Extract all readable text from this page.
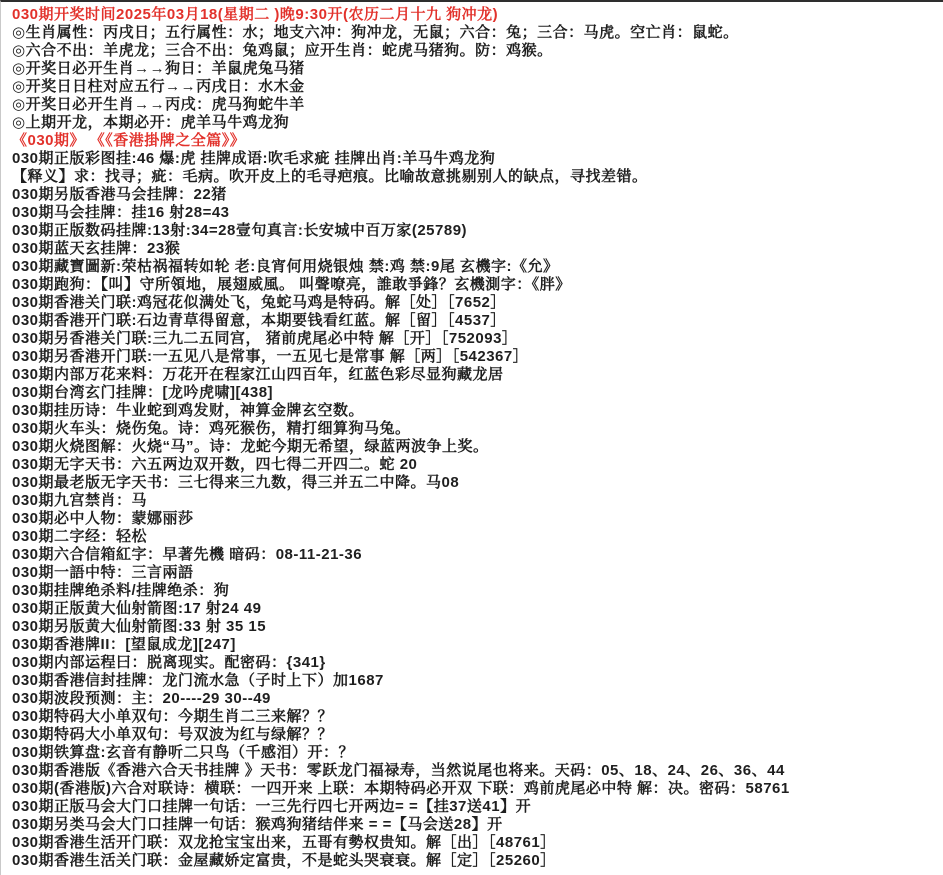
030期开奖时间2025年03月18(星期二 )晚9:30开(农历二月十九 狗冲龙)
◎生肖属性：丙戌日；五行属性：水；地支六冲：狗冲龙，无鼠；六合：兔；三合：马虎。空亡肖：鼠蛇。
◎六合不出：羊虎龙；三合不出：兔鸡鼠；应开生肖：蛇虎马猪狗。防：鸡猴。
◎开奖日必开生肖→→狗日：羊鼠虎兔马猪
◎开奖日日柱对应五行→→丙戌日：水木金
◎开奖日必开生肖→→丙戌：虎马狗蛇牛羊
◎上期开龙，本期必开：虎羊马牛鸡龙狗
《030期》 《《香港掛牌之全篇》》
030期正版彩图挂:46 爆:虎 挂牌成语:吹毛求疵 挂牌出肖:羊马牛鸡龙狗
【释义】求：找寻；疵：毛病。吹开皮上的毛寻疤痕。比喻故意挑剔别人的缺点，寻找差错。
030期另版香港马会挂牌：22猪
030期马会挂牌：挂16 射28=43
030期正版数码挂牌:13射:34=28壹句真言:长安城中百万家(25789)
030期蓝天玄挂牌：23猴
030期藏寶圖新:荣枯祸福转如轮 老:良宵何用烧银烛 禁:鸡 禁:9尾 玄機字:《允》
030期跑狗：【叫】守所領地，展翅威風。 叫聲嘹亮，誰敢爭鋒？玄機測字：《胖》
030期香港关门联:鸡冠花似满处飞，兔蛇马鸡是特码。解［处］［7652］
030期香港开门联:石边青草得留意，本期要钱看红蓝。解［留］［4537］
030期另香港关门联:三九二五同宫， 猪前虎尾必中特 解［开］［752093］
030期另香港开门联:一五见八是常事，一五见七是常事 解［两］［542367］
030期内部万花来料：万花开在程家江山四百年，红蓝色彩尽显狗藏龙居
030期台湾玄门挂牌：[龙吟虎啸][438]
030期挂历诗：牛业蛇到鸡发财，神算金牌玄空数。
030期火车头：烧伤兔。诗：鸡死猴伤，精打细算狗马兔。
030期火烧图解：火烧“马”。诗：龙蛇今期无希望，绿蓝两波争上奖。
030期无字天书：六五两边双开数，四七得二开四二。蛇 20
030期最老版无字天书：三七得来三九数，得三并五二中降。马08
030期九宫禁肖：马
030期必中人物：蒙娜丽莎
030期二字经：轻松
030期六合信箱紅字：早著先機 暗码：08-11-21-36
030期一語中特：三言兩語
030期挂牌绝杀料/挂牌绝杀：狗
030期正版黄大仙射箭图:17 射24 49
030期另版黄大仙射箭图:33 射 35 15
030期香港牌II：[望鼠成龙][247]
030期内部运程曰：脱离现实。配密码：{341}
030期香港信封挂牌：龙门流水急（子时上下）加1687
030期波段预测：主：20----29 30--49
030期特码大小单双句：今期生肖二三来解？？
030期特码大小单双句：号双波为红与绿解？？
030期铁算盘:玄音有静听二只鸟（千感泪）开：？
030期香港版《香港六合天书挂牌 》天书：零跃龙门福禄寿，当然说尾也将来。天码：05、18、24、26、36、44
030期(香港版)六合对联诗：横联：一四开来 上联：本期特码必开双 下联：鸡前虎尾必中特 解：决。密码：58761
030期正版马会大门口挂牌一句话：一三先行四七开两边= =【挂37送41】开
030期另类马会大门口挂牌一句话：猴鸡狗猪结伴来 = =【马会送28】开
030期香港生活开门联：双龙抢宝宝出来，五哥有勢权贵知。解［出］［48761］
030期香港生活关门联：金屋藏娇定富贵，不是蛇头哭衰衰。解［定］［25260］
